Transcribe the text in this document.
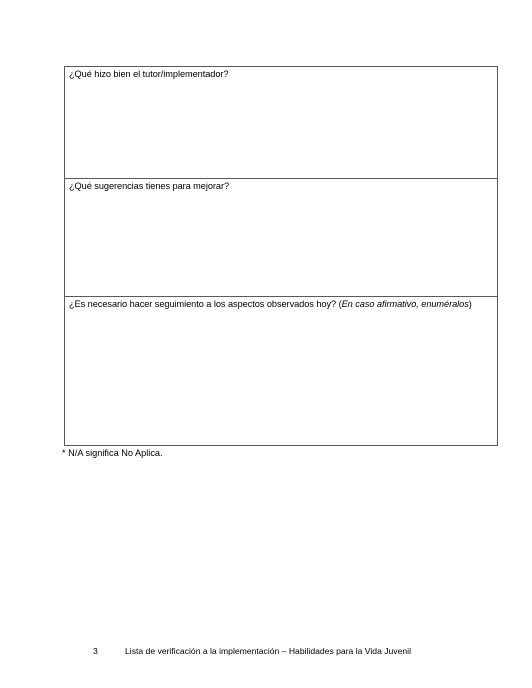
¿Qué hizo bien el tutor/implementador?
¿Qué sugerencias tienes para mejorar?
¿Es necesario hacer seguimiento a los aspectos observados hoy? (En caso afirmativo, enuméralos)
* N/A significa No Aplica.
3	Lista de verificación a la implementación – Habilidades para la Vida Juvenil
